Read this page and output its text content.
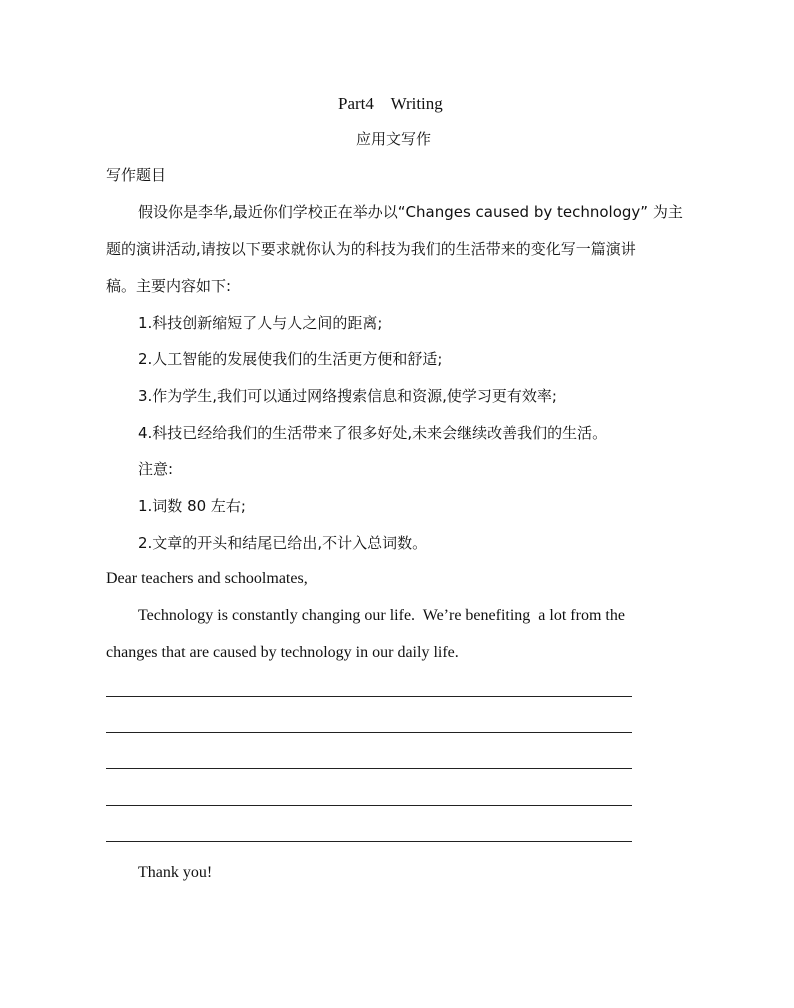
Part4    Writing
应用文写作
写作题目
假设你是李华,最近你们学校正在举办以“Changes caused by technology” 为主
题的演讲活动,请按以下要求就你认为的科技为我们的生活带来的变化写一篇演讲
稿。主要内容如下:
1.科技创新缩短了人与人之间的距离;
2.人工智能的发展使我们的生活更方便和舒适;
3.作为学生,我们可以通过网络搜索信息和资源,使学习更有效率;
4.科技已经给我们的生活带来了很多好处,未来会继续改善我们的生活。
注意:
1.词数 80 左右;
2.文章的开头和结尾已给出,不计入总词数。
Dear teachers and schoolmates,
Technology is constantly changing our life.  We’re benefiting  a lot from the
changes that are caused by technology in our daily life.
Thank you!
